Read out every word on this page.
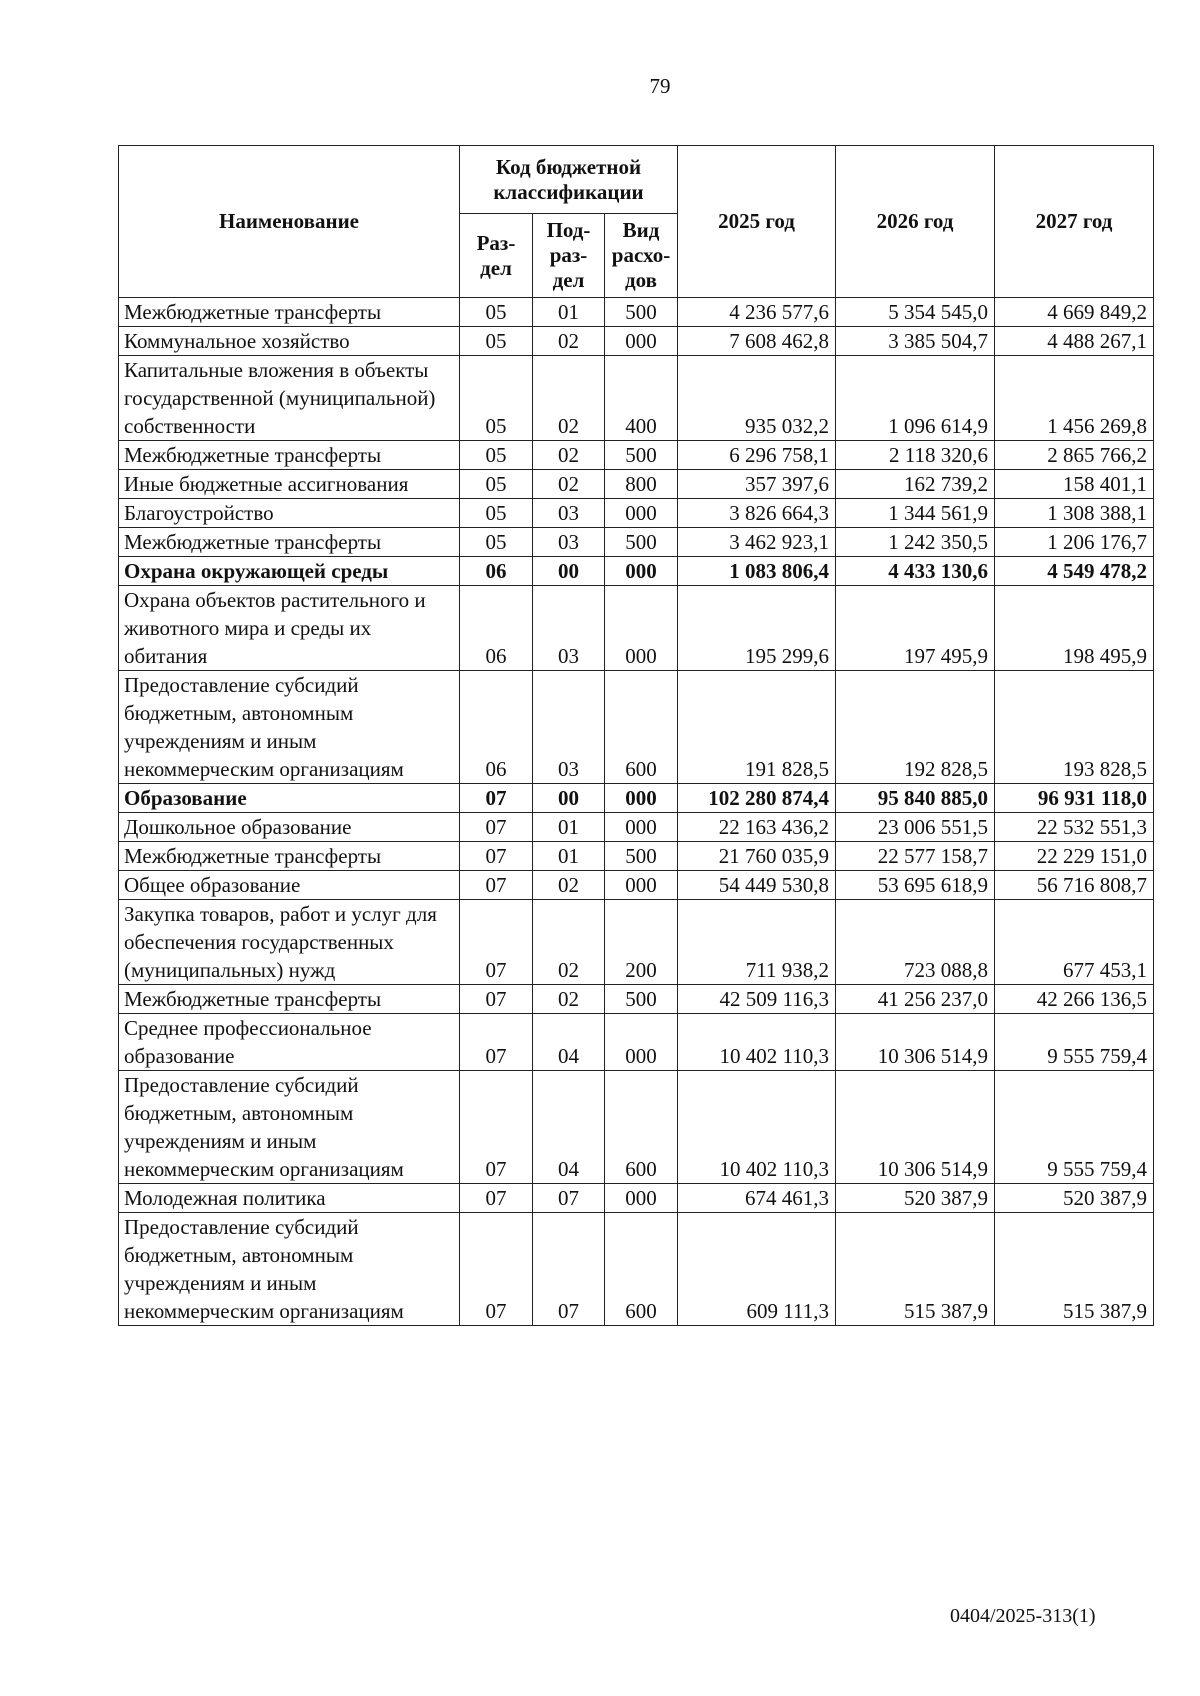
79
Наименование	Код бюджетной классификации			2025 год	2026 год	2027 год
	Раз-дел	Под-раз-дел	Вид расхо-дов			
Межбюджетные трансферты	05	01	500	4 236 577,6	5 354 545,0	4 669 849,2
Коммунальное хозяйство	05	02	000	7 608 462,8	3 385 504,7	4 488 267,1
Капитальные вложения в объекты государственной (муниципальной) собственности	05	02	400	935 032,2	1 096 614,9	1 456 269,8
Межбюджетные трансферты	05	02	500	6 296 758,1	2 118 320,6	2 865 766,2
Иные бюджетные ассигнования	05	02	800	357 397,6	162 739,2	158 401,1
Благоустройство	05	03	000	3 826 664,3	1 344 561,9	1 308 388,1
Межбюджетные трансферты	05	03	500	3 462 923,1	1 242 350,5	1 206 176,7
Охрана окружающей среды	06	00	000	1 083 806,4	4 433 130,6	4 549 478,2
Охрана объектов растительного и животного мира и среды их обитания	06	03	000	195 299,6	197 495,9	198 495,9
Предоставление субсидий бюджетным, автономным учреждениям и иным некоммерческим организациям	06	03	600	191 828,5	192 828,5	193 828,5
Образование	07	00	000	102 280 874,4	95 840 885,0	96 931 118,0
Дошкольное образование	07	01	000	22 163 436,2	23 006 551,5	22 532 551,3
Межбюджетные трансферты	07	01	500	21 760 035,9	22 577 158,7	22 229 151,0
Общее образование	07	02	000	54 449 530,8	53 695 618,9	56 716 808,7
Закупка товаров, работ и услуг для обеспечения государственных (муниципальных) нужд	07	02	200	711 938,2	723 088,8	677 453,1
Межбюджетные трансферты	07	02	500	42 509 116,3	41 256 237,0	42 266 136,5
Среднее профессиональное образование	07	04	000	10 402 110,3	10 306 514,9	9 555 759,4
Предоставление субсидий бюджетным, автономным учреждениям и иным некоммерческим организациям	07	04	600	10 402 110,3	10 306 514,9	9 555 759,4
Молодежная политика	07	07	000	674 461,3	520 387,9	520 387,9
Предоставление субсидий бюджетным, автономным учреждениям и иным некоммерческим организациям	07	07	600	609 111,3	515 387,9	515 387,9
0404/2025-313(1)
